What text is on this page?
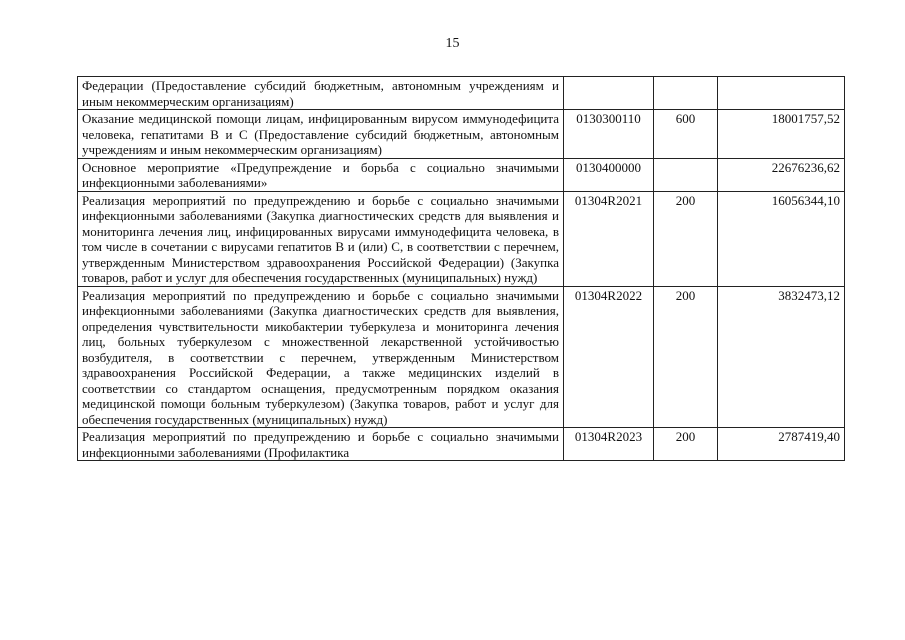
15
Федерации (Предоставление субсидий бюджетным, автономным учреждениям и иным некоммерческим организациям)			
Оказание медицинской помощи лицам, инфицированным вирусом иммунодефицита человека, гепатитами В и С (Предоставление субсидий бюджетным, автономным учреждениям и иным некоммерческим организациям)	0130300110	600	18001757,52
Основное мероприятие «Предупреждение и борьба с социально значимыми инфекционными заболеваниями»	0130400000		22676236,62
Реализация мероприятий по предупреждению и борьбе с социально значимыми инфекционными заболеваниями (Закупка диагностических средств для выявления и мониторинга лечения лиц, инфицированных вирусами иммунодефицита человека, в том числе в сочетании с вирусами гепатитов В и (или) С, в соответствии с перечнем, утвержденным Министерством здравоохранения Российской Федерации) (Закупка товаров, работ и услуг для обеспечения государственных (муниципальных) нужд)	01304R2021	200	16056344,10
Реализация мероприятий по предупреждению и борьбе с социально значимыми инфекционными заболеваниями (Закупка диагностических средств для выявления, определения чувствительности микобактерии туберкулеза и мониторинга лечения лиц, больных туберкулезом с множественной лекарственной устойчивостью возбудителя, в соответствии с перечнем, утвержденным Министерством здравоохранения Российской Федерации, а также медицинских изделий в соответствии со стандартом оснащения, предусмотренным порядком оказания медицинской помощи больным туберкулезом) (Закупка товаров, работ и услуг для обеспечения государственных (муниципальных) нужд)	01304R2022	200	3832473,12
Реализация мероприятий по предупреждению и борьбе с социально значимыми инфекционными заболеваниями (Профилактика	01304R2023	200	2787419,40
